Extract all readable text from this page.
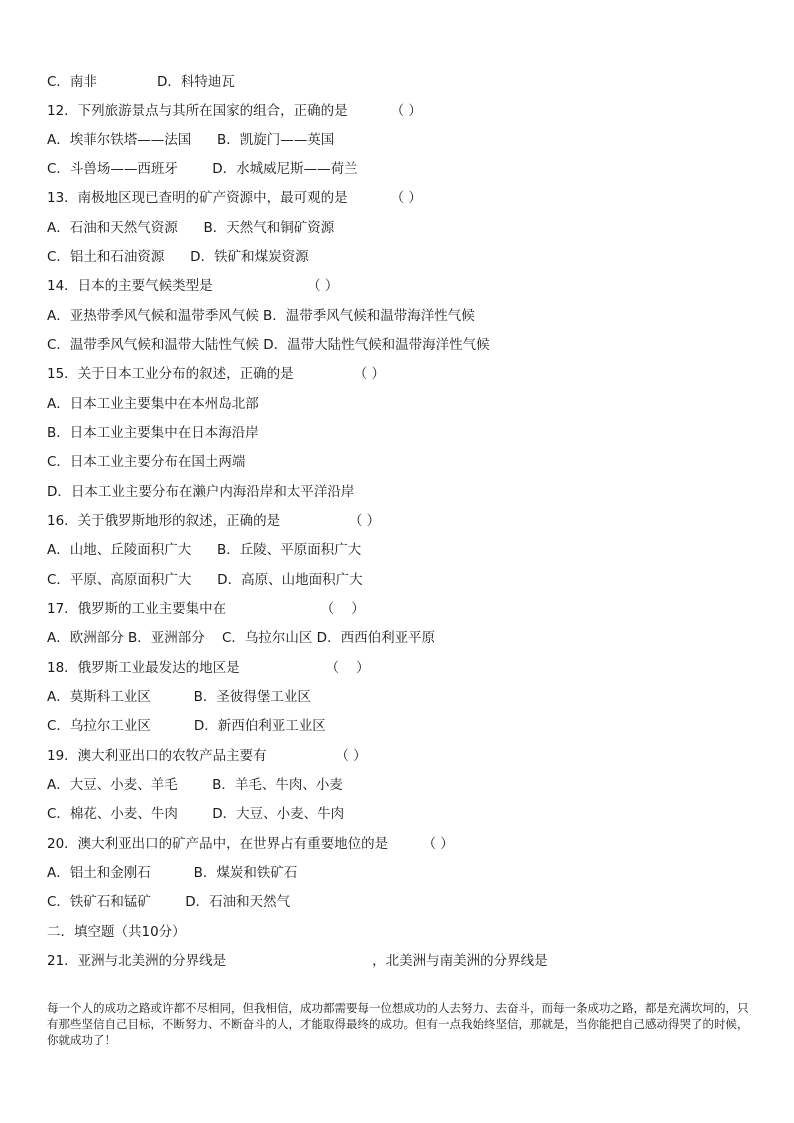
C．南非              D．科特迪瓦
12．下列旅游景点与其所在国家的组合，正确的是          （ ）
A．埃菲尔铁塔——法国      B．凯旋门——英国
C．斗兽场——西班牙        D．水城威尼斯——荷兰
13．南极地区现已查明的矿产资源中，最可观的是          （ ）
A．石油和天然气资源      B．天然气和铜矿资源
C．铝土和石油资源      D．铁矿和煤炭资源
14．日本的主要气候类型是                      （ ）
A．亚热带季风气候和温带季风气候 B．温带季风气候和温带海洋性气候
C．温带季风气候和温带大陆性气候 D．温带大陆性气候和温带海洋性气候
15．关于日本工业分布的叙述，正确的是              （ ）
A．日本工业主要集中在本州岛北部
B．日本工业主要集中在日本海沿岸
C．日本工业主要分布在国土两端
D．日本工业主要分布在濑户内海沿岸和太平洋沿岸
16．关于俄罗斯地形的叙述，正确的是                （ ）
A．山地、丘陵面积广大      B．丘陵、平原面积广大
C．平原、高原面积广大      D．高原、山地面积广大
17．俄罗斯的工业主要集中在                      （    ）
A．欧洲部分 B．亚洲部分    C．乌拉尔山区 D．西西伯利亚平原
18．俄罗斯工业最发达的地区是                    （    ）
A．莫斯科工业区          B．圣彼得堡工业区
C．乌拉尔工业区          D．新西伯利亚工业区
19．澳大利亚出口的农牧产品主要有                （ ）
A．大豆、小麦、羊毛        B．羊毛、牛肉、小麦
C．棉花、小麦、牛肉        D．大豆、小麦、牛肉
20．澳大利亚出口的矿产品中，在世界占有重要地位的是        （ ）
A．铝土和金刚石          B．煤炭和铁矿石
C．铁矿石和锰矿        D．石油和天然气
二．填空题（共10分）
21．亚洲与北美洲的分界线是                                  ，北美洲与南美洲的分界线是
每一个人的成功之路或许都不尽相同，但我相信，成功都需要每一位想成功的人去努力、去奋斗，而每一条成功之路，都是充满坎坷的，只有那些坚信自己目标，不断努力、不断奋斗的人，才能取得最终的成功。但有一点我始终坚信，那就是，当你能把自己感动得哭了的时候，你就成功了！
